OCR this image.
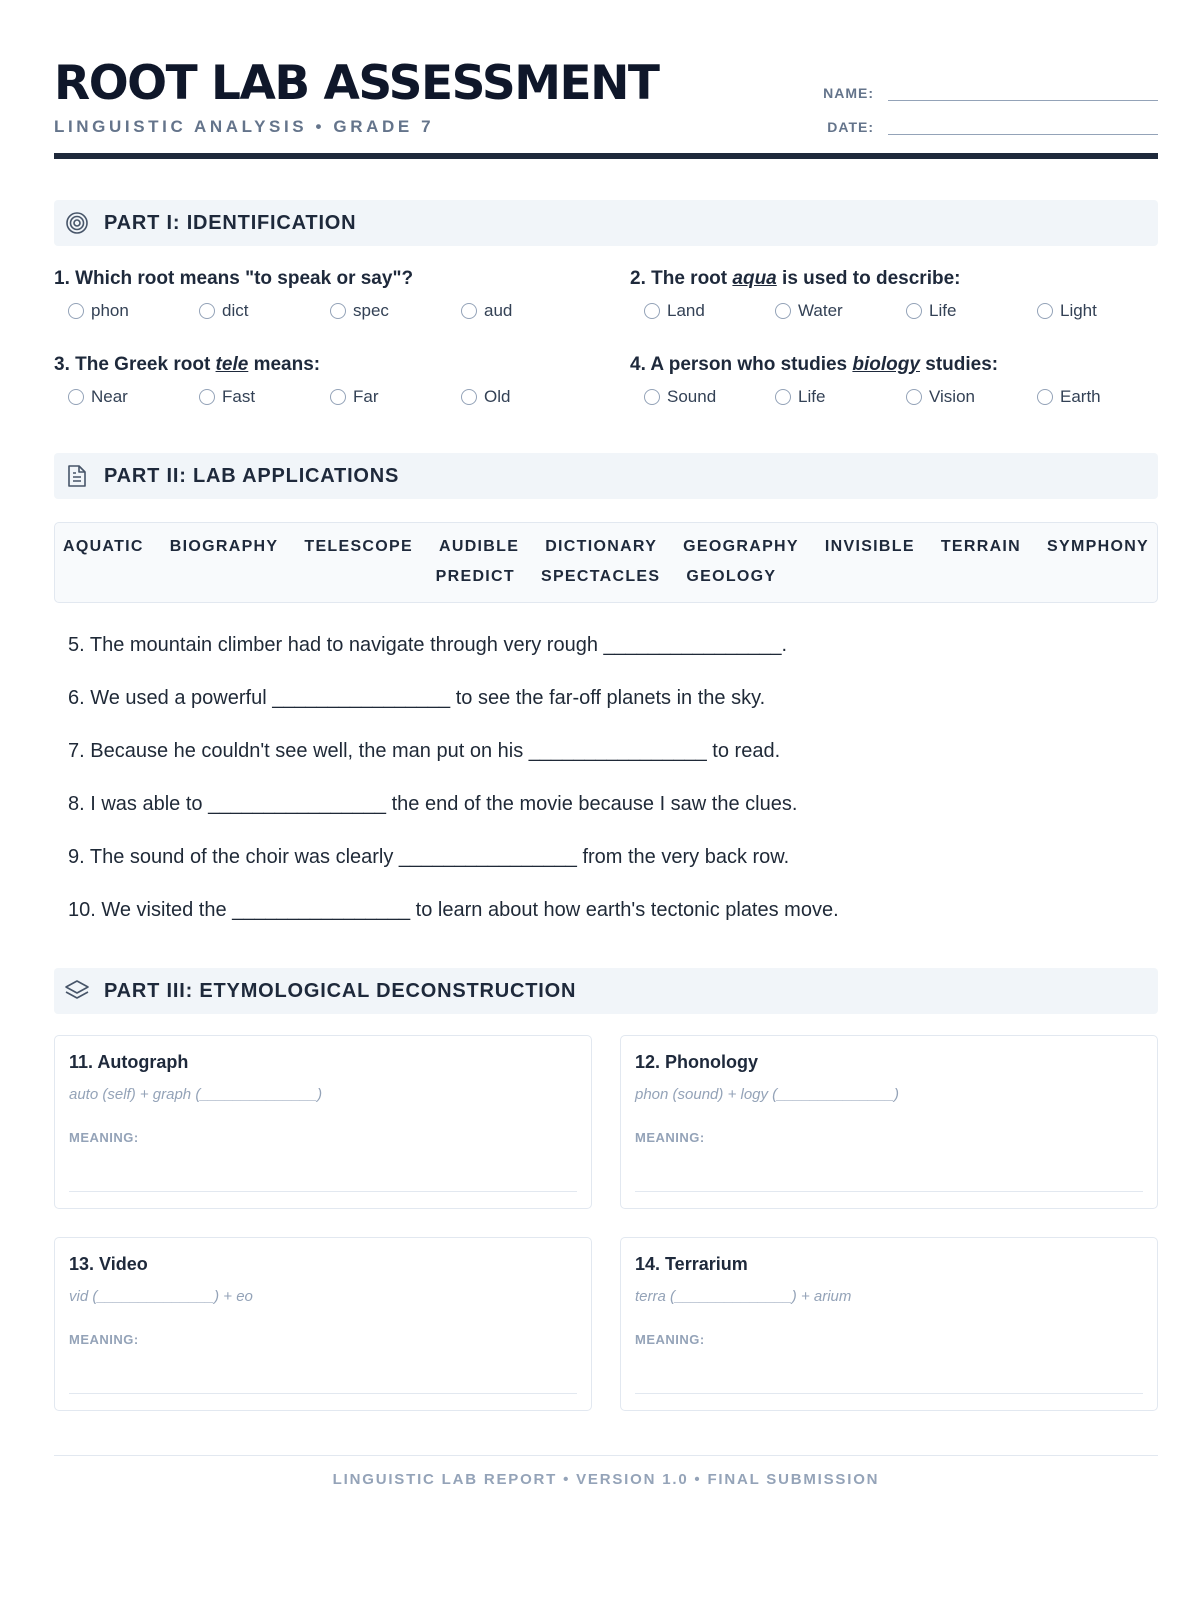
ROOT LAB ASSESSMENT
LINGUISTIC ANALYSIS • GRADE 7
NAME:
DATE:
PART I: IDENTIFICATION
1. Which root means "to speak or say"?
phon	dict	spec	aud
2. The root aqua is used to describe:
Land	Water	Life	Light
3. The Greek root tele means:
Near	Fast	Far	Old
4. A person who studies biology studies:
Sound	Life	Vision	Earth
PART II: LAB APPLICATIONS
AQUATIC BIOGRAPHY TELESCOPE AUDIBLE DICTIONARY GEOGRAPHY INVISIBLE TERRAIN SYMPHONY
PREDICT SPECTACLES GEOLOGY
5. The mountain climber had to navigate through very rough ________________.
6. We used a powerful ________________ to see the far-off planets in the sky.
7. Because he couldn't see well, the man put on his ________________ to read.
8. I was able to ________________ the end of the movie because I saw the clues.
9. The sound of the choir was clearly ________________ from the very back row.
10. We visited the ________________ to learn about how earth's tectonic plates move.
PART III: ETYMOLOGICAL DECONSTRUCTION
11. Autograph
auto (self) + graph (______________)
MEANING:
12. Phonology
phon (sound) + logy (______________)
MEANING:
13. Video
vid (______________) + eo
MEANING:
14. Terrarium
terra (______________) + arium
MEANING:
LINGUISTIC LAB REPORT • VERSION 1.0 • FINAL SUBMISSION
